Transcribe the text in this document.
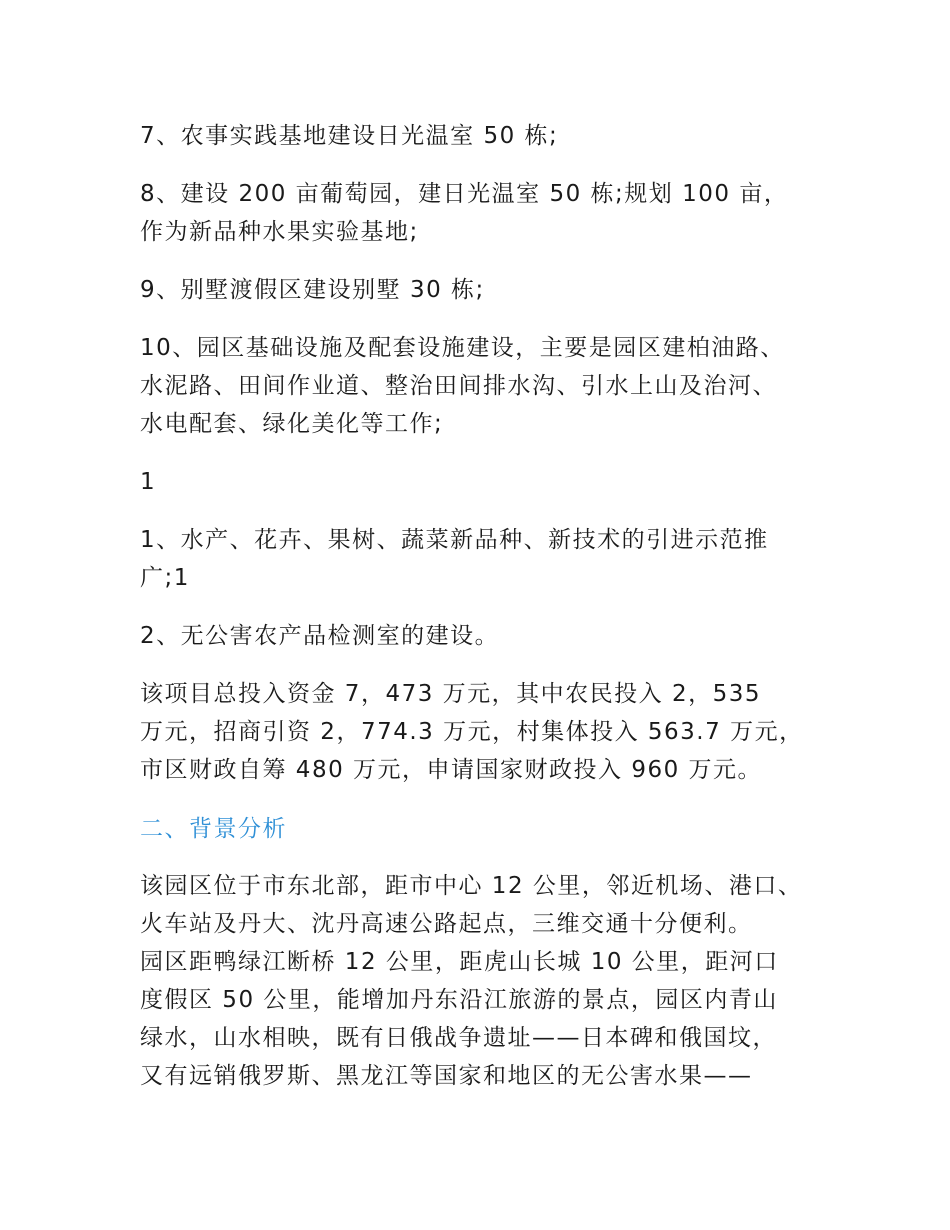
7、农事实践基地建设日光温室 50 栋;
8、建设 200 亩葡萄园，建日光温室 50 栋;规划 100 亩，
作为新品种水果实验基地;
9、别墅渡假区建设别墅 30 栋;
10、园区基础设施及配套设施建设，主要是园区建柏油路、
水泥路、田间作业道、整治田间排水沟、引水上山及治河、
水电配套、绿化美化等工作;
1
1、水产、花卉、果树、蔬菜新品种、新技术的引进示范推
广;1
2、无公害农产品检测室的建设。
该项目总投入资金 7，473 万元，其中农民投入 2，535
万元，招商引资 2，774.3 万元，村集体投入 563.7 万元，
市区财政自筹 480 万元，申请国家财政投入 960 万元。
二、背景分析
该园区位于市东北部，距市中心 12 公里，邻近机场、港口、
火车站及丹大、沈丹高速公路起点，三维交通十分便利。
园区距鸭绿江断桥 12 公里，距虎山长城 10 公里，距河口
度假区 50 公里，能增加丹东沿江旅游的景点，园区内青山
绿水，山水相映，既有日俄战争遗址——日本碑和俄国坟，
又有远销俄罗斯、黑龙江等国家和地区的无公害水果——
